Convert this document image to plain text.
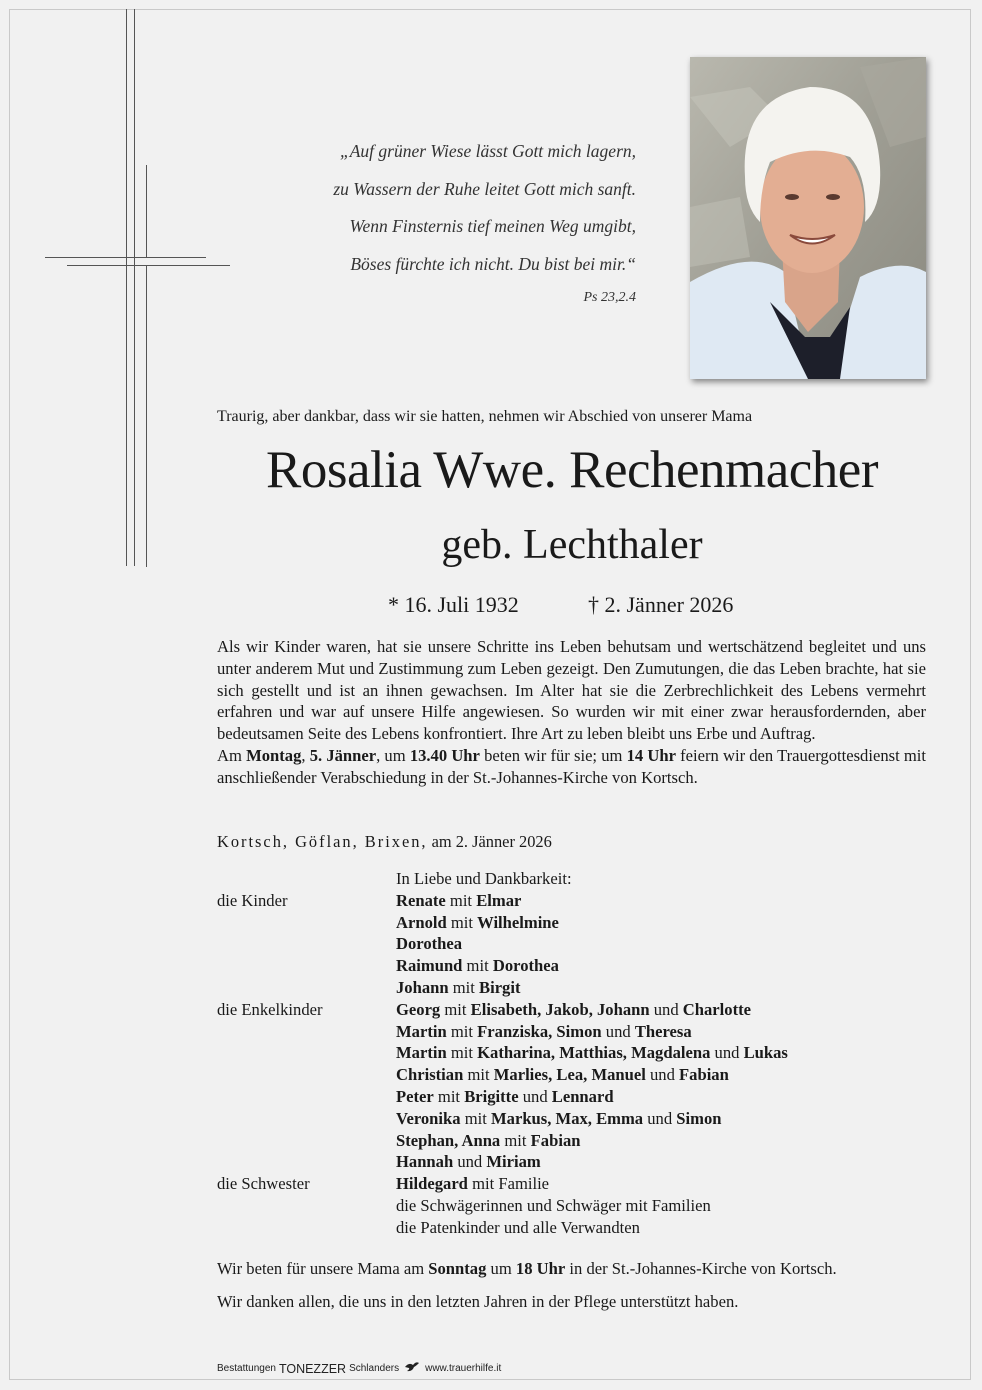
„Auf grüner Wiese lässt Gott mich lagern,
zu Wassern der Ruhe leitet Gott mich sanft.
Wenn Finsternis tief meinen Weg umgibt,
Böses fürchte ich nicht. Du bist bei mir.“
Ps 23,2.4
Traurig, aber dankbar, dass wir sie hatten, nehmen wir Abschied von unserer Mama
Rosalia Wwe. Rechenmacher
geb. Lechthaler
* 16. Juli 1932	† 2. Jänner 2026

Als wir Kinder waren, hat sie unsere Schritte ins Leben behutsam und wertschätzend begleitet und uns unter anderem Mut und Zustimmung zum Leben gezeigt. Den Zumutungen, die das Leben brachte, hat sie sich gestellt und ist an ihnen gewachsen. Im Alter hat sie die Zerbrechlichkeit des Lebens vermehrt erfahren und war auf unsere Hilfe angewiesen. So wurden wir mit einer zwar herausfordernden, aber bedeutsamen Seite des Lebens konfrontiert. Ihre Art zu leben bleibt uns Erbe und Auftrag.

Am Montag, 5. Jänner, um 13.40 Uhr beten wir für sie; um 14 Uhr feiern wir den Trauergottesdienst mit anschließender Verabschiedung in der St.-Johannes-Kirche von Kortsch.

Kortsch, Göflan, Brixen, am 2. Jänner 2026
In Liebe und Dankbarkeit:
die Kinder	Renate mit Elmar
Arnold mit Wilhelmine
Dorothea
Raimund mit Dorothea
Johann mit Birgit
die Enkelkinder	Georg mit Elisabeth, Jakob, Johann und Charlotte
Martin mit Franziska, Simon und Theresa
Martin mit Katharina, Matthias, Magdalena und Lukas
Christian mit Marlies, Lea, Manuel und Fabian
Peter mit Brigitte und Lennard
Veronika mit Markus, Max, Emma und Simon
Stephan, Anna mit Fabian
Hannah und Miriam
die Schwester	Hildegard mit Familie
die Schwägerinnen und Schwäger mit Familien
die Patenkinder und alle Verwandten
Wir beten für unsere Mama am Sonntag um 18 Uhr in der St.-Johannes-Kirche von Kortsch.
Wir danken allen, die uns in den letzten Jahren in der Pflege unterstützt haben.
Bestattungen TONEZZER Schlanders	www.trauerhilfe.it
